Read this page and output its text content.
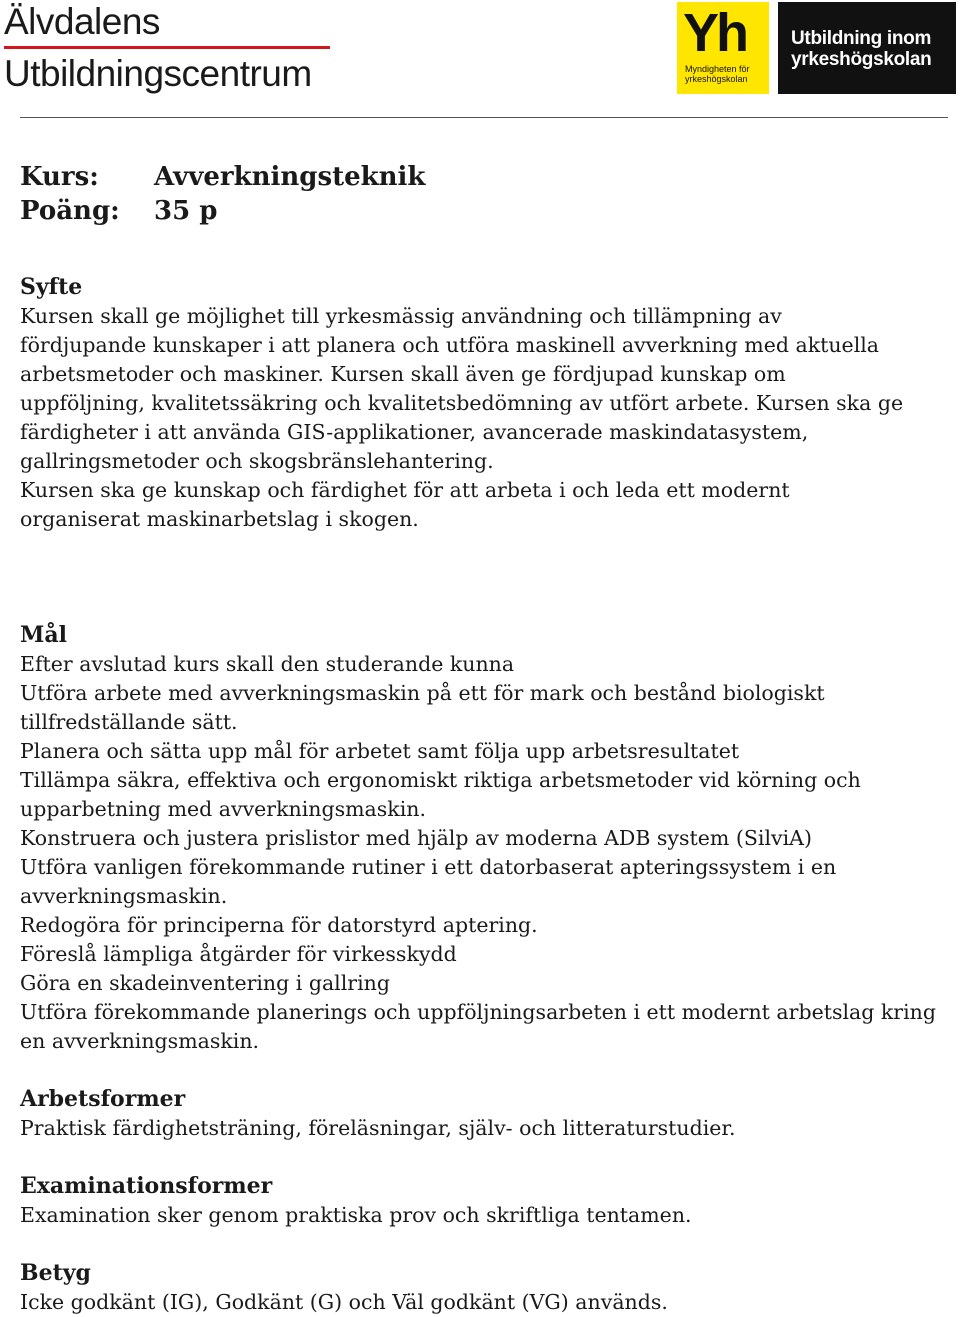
Älvdalens
Utbildningscentrum
Yh
Myndigheten för yrkeshögskolan
Utbildning inom
yrkeshögskolan
Kurs: Avverkningsteknik
Poäng: 35 p
Syfte

Kursen skall ge möjlighet till yrkesmässig användning och tillämpning av

fördjupande kunskaper i att planera och utföra maskinell avverkning med aktuella

arbetsmetoder och maskiner. Kursen skall även ge fördjupad kunskap om

uppföljning, kvalitetssäkring och kvalitetsbedömning av utfört arbete. Kursen ska ge

färdigheter i att använda GIS-applikationer, avancerade maskindatasystem,

gallringsmetoder och skogsbränslehantering.

Kursen ska ge kunskap och färdighet för att arbeta i och leda ett modernt

organiserat maskinarbetslag i skogen.

Mål

Efter avslutad kurs skall den studerande kunna

Utföra arbete med avverkningsmaskin på ett för mark och bestånd biologiskt

tillfredställande sätt.

Planera och sätta upp mål för arbetet samt följa upp arbetsresultatet

Tillämpa säkra, effektiva och ergonomiskt riktiga arbetsmetoder vid körning och

upparbetning med avverkningsmaskin.

Konstruera och justera prislistor med hjälp av moderna ADB system (SilviA)

Utföra vanligen förekommande rutiner i ett datorbaserat apteringssystem i en

avverkningsmaskin.

Redogöra för principerna för datorstyrd aptering.

Föreslå lämpliga åtgärder för virkesskydd

Göra en skadeinventering i gallring

Utföra förekommande planerings och uppföljningsarbeten i ett modernt arbetslag kring

en avverkningsmaskin.

Arbetsformer

Praktisk färdighetsträning, föreläsningar, själv- och litteraturstudier.

Examinationsformer

Examination sker genom praktiska prov och skriftliga tentamen.

Betyg

Icke godkänt (IG), Godkänt (G) och Väl godkänt (VG) används.
